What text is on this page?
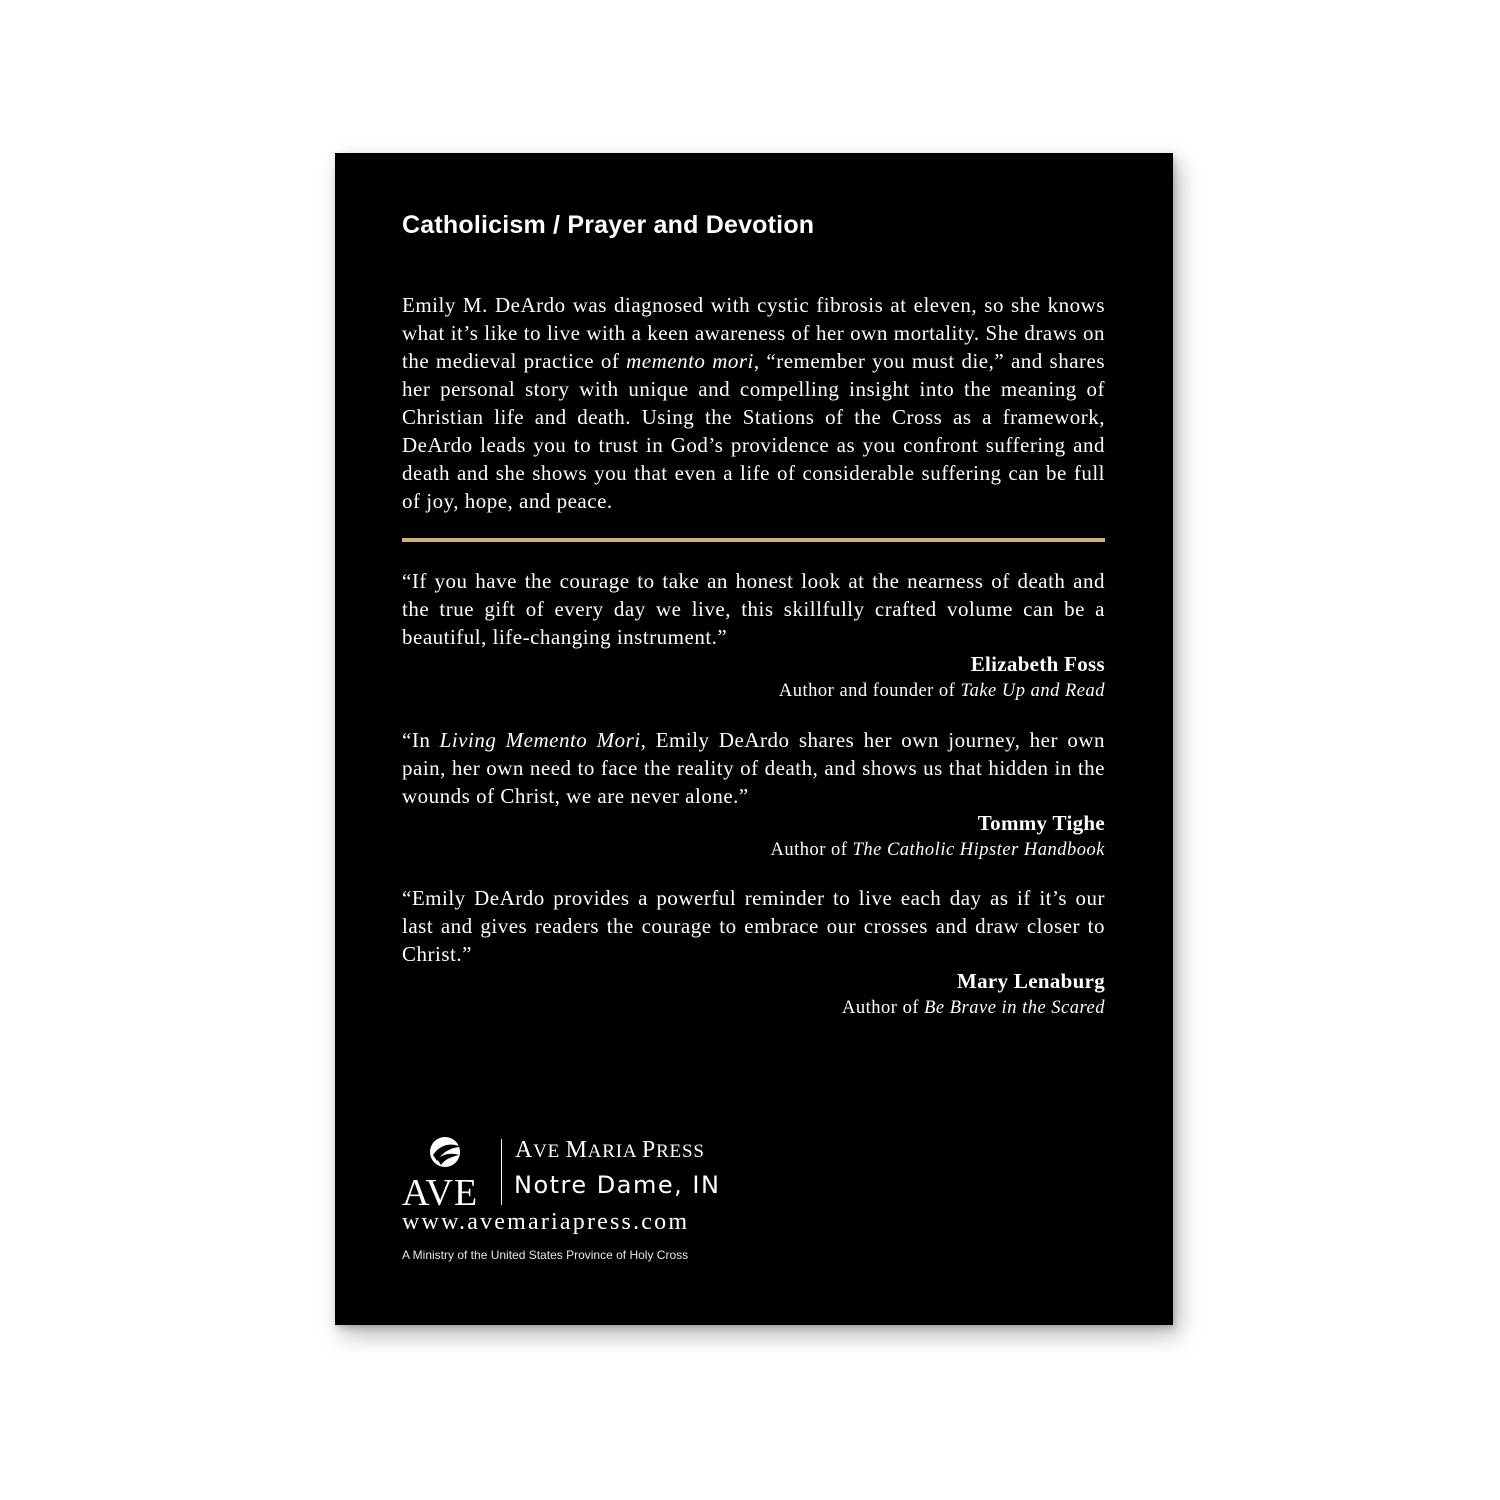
Catholicism / Prayer and Devotion
Emily M. DeArdo was diagnosed with cystic fibrosis at eleven, so she knows what it’s like to live with a keen awareness of her own mortality. She draws on the medieval practice of memento mori, “remember you must die,” and shares her personal story with unique and compelling insight into the meaning of Christian life and death. Using the Stations of the Cross as a framework, DeArdo leads you to trust in God’s providence as you confront suffering and death and she shows you that even a life of considerable suffering can be full of joy, hope, and peace.
“If you have the courage to take an honest look at the nearness of death and the true gift of every day we live, this skillfully crafted volume can be a beautiful, life-changing instrument.”
Elizabeth Foss
Author and founder of Take Up and Read
“In Living Memento Mori, Emily DeArdo shares her own journey, her own pain, her own need to face the reality of death, and shows us that hidden in the wounds of Christ, we are never alone.”
Tommy Tighe
Author of The Catholic Hipster Handbook
“Emily DeArdo provides a powerful reminder to live each day as if it’s our last and gives readers the courage to embrace our crosses and draw closer to Christ.”
Mary Lenaburg
Author of Be Brave in the Scared
AVE
AVE MARIA PRESS
Notre Dame, IN
www.avemariapress.com
A Ministry of the United States Province of Holy Cross
